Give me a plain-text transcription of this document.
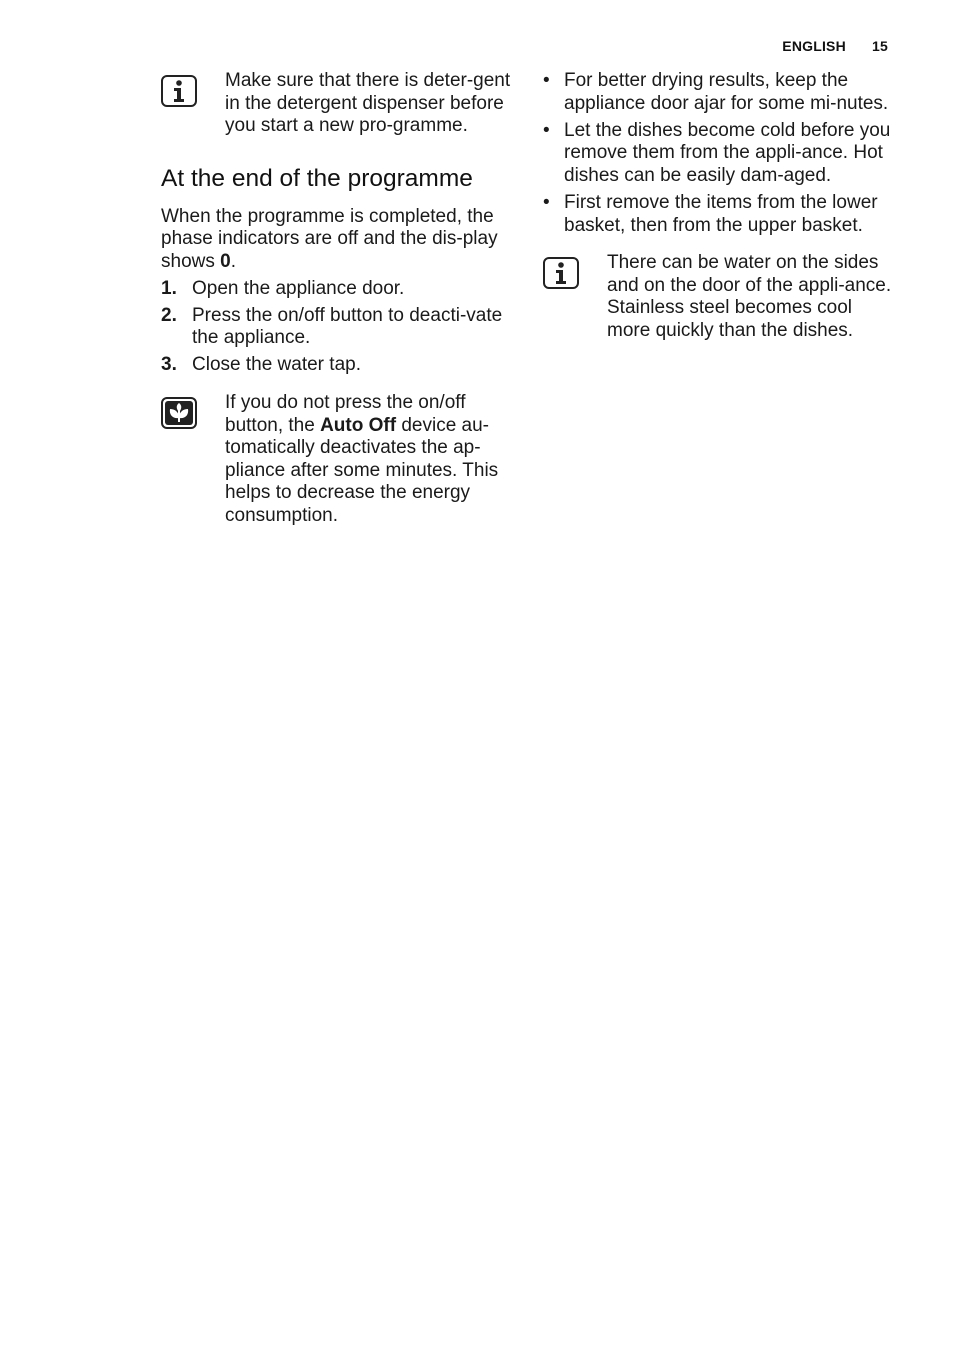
ENGLISH 15

Make sure that there is deter-gent in the detergent dispenser before you start a new pro-gramme.

At the end of the programme

When the programme is completed, the phase indicators are off and the dis-play shows 0.

1. Open the appliance door.
2. Press the on/off button to deacti-vate the appliance.
3. Close the water tap.

If you do not press the on/off button, the Auto Off device au-tomatically deactivates the ap-pliance after some minutes. This helps to decrease the energy consumption.

• For better drying results, keep the appliance door ajar for some mi-nutes.
• Let the dishes become cold before you remove them from the appli-ance. Hot dishes can be easily dam-aged.
• First remove the items from the lower basket, then from the upper basket.

There can be water on the sides and on the door of the appli-ance. Stainless steel becomes cool more quickly than the dishes.
